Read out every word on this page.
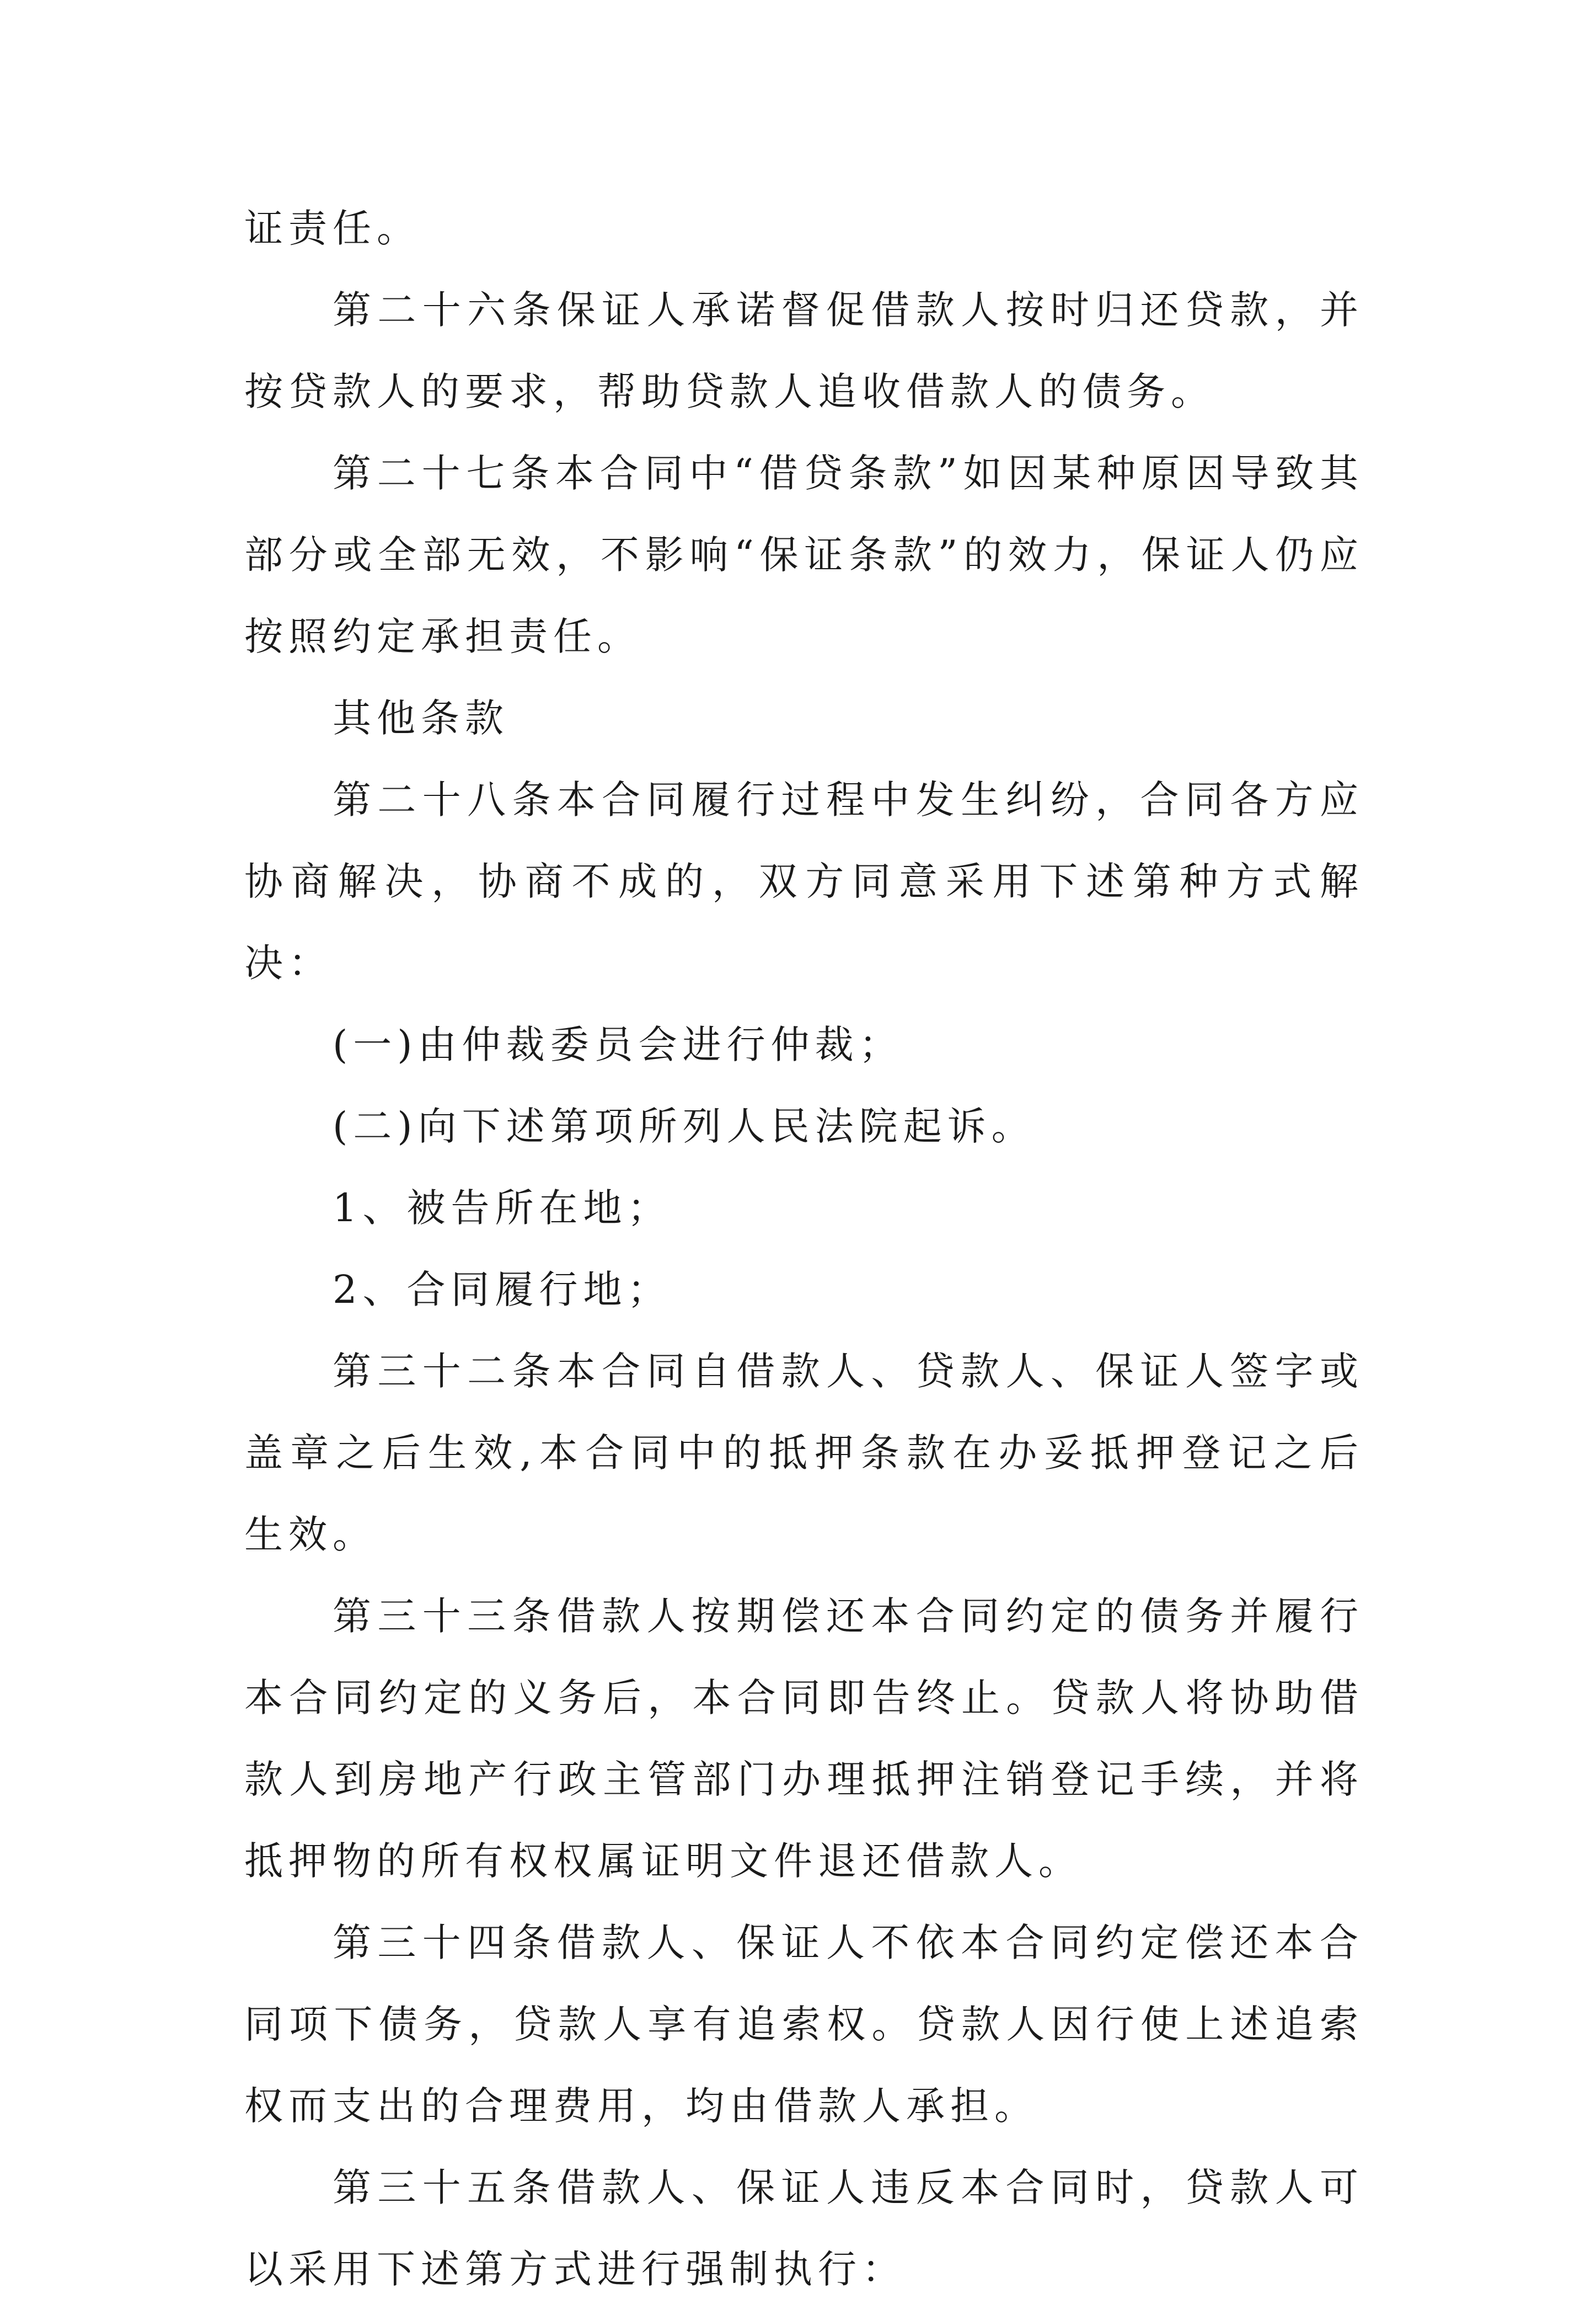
证责任。

第二十六条保证人承诺督促借款人按时归还贷款，并按贷款人的要求，帮助贷款人追收借款人的债务。

第二十七条本合同中“借贷条款”如因某种原因导致其部分或全部无效，不影响“保证条款”的效力，保证人仍应按照约定承担责任。

其他条款

第二十八条本合同履行过程中发生纠纷，合同各方应协商解决，协商不成的，双方同意采用下述第种方式解决：

(一)由仲裁委员会进行仲裁；

(二)向下述第项所列人民法院起诉。

1、被告所在地；

2、合同履行地；

第三十二条本合同自借款人、贷款人、保证人签字或盖章之后生效,本合同中的抵押条款在办妥抵押登记之后生效。

第三十三条借款人按期偿还本合同约定的债务并履行本合同约定的义务后，本合同即告终止。贷款人将协助借款人到房地产行政主管部门办理抵押注销登记手续，并将抵押物的所有权权属证明文件退还借款人。

第三十四条借款人、保证人不依本合同约定偿还本合同项下债务，贷款人享有追索权。贷款人因行使上述追索权而支出的合理费用，均由借款人承担。

第三十五条借款人、保证人违反本合同时，贷款人可以采用下述第方式进行强制执行：
